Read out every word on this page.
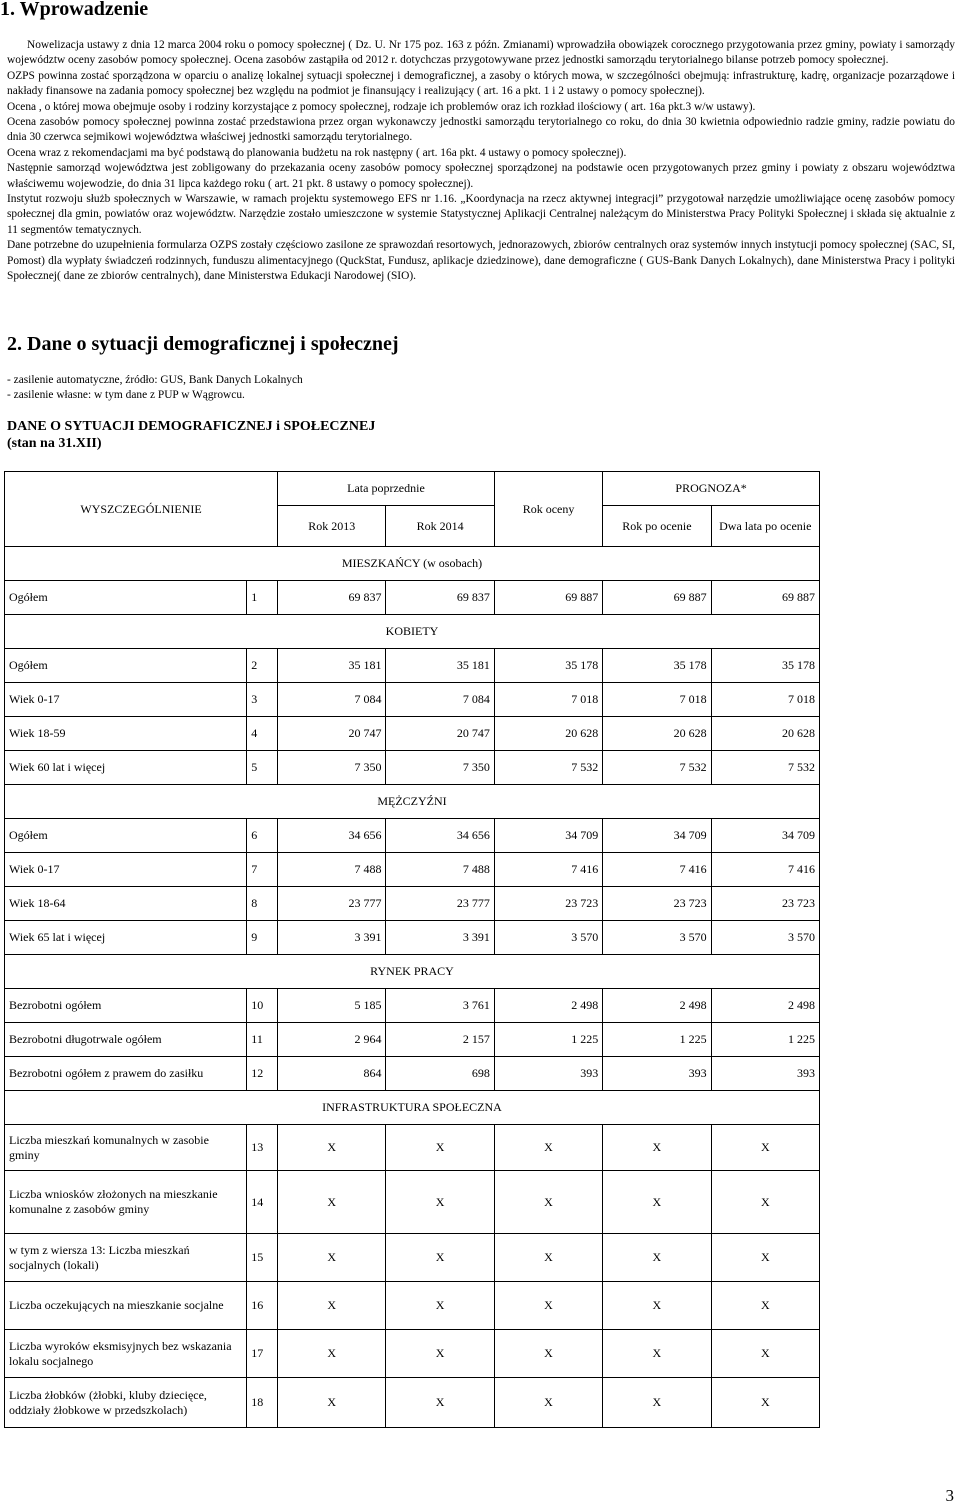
1. Wprowadzenie

Nowelizacja ustawy z dnia 12 marca 2004 roku o pomocy społecznej ( Dz. U. Nr 175 poz. 163 z późn. Zmianami) wprowadziła obowiązek corocznego przygotowania przez gminy, powiaty i samorządy województw oceny zasobów pomocy społecznej. Ocena zasobów zastąpiła od 2012 r. dotychczas przygotowywane przez jednostki samorządu terytorialnego bilanse potrzeb pomocy społecznej.

OZPS powinna zostać sporządzona w oparciu o analizę lokalnej sytuacji społecznej i demograficznej, a zasoby o których mowa, w szczególności obejmują: infrastrukturę, kadrę, organizacje pozarządowe i nakłady finansowe na zadania pomocy społecznej bez względu na podmiot je finansujący i realizujący ( art. 16 a pkt. 1 i 2 ustawy o pomocy społecznej).

Ocena , o której mowa obejmuje osoby i rodziny korzystające z pomocy społecznej, rodzaje ich problemów oraz ich rozkład ilościowy ( art. 16a pkt.3 w/w ustawy).

Ocena zasobów pomocy społecznej powinna zostać przedstawiona przez organ wykonawczy jednostki samorządu terytorialnego co roku, do dnia 30 kwietnia odpowiednio radzie gminy, radzie powiatu do dnia 30 czerwca sejmikowi województwa właściwej jednostki samorządu terytorialnego.

Ocena wraz z rekomendacjami ma być podstawą do planowania budżetu na rok następny ( art. 16a pkt. 4 ustawy o pomocy społecznej).

Następnie samorząd województwa jest zobligowany do przekazania oceny zasobów pomocy społecznej sporządzonej na podstawie ocen przygotowanych przez gminy i powiaty z obszaru województwa właściwemu wojewodzie, do dnia 31 lipca każdego roku ( art. 21 pkt. 8 ustawy o pomocy społecznej).

Instytut rozwoju służb społecznych w Warszawie, w ramach projektu systemowego EFS nr 1.16. „Koordynacja na rzecz aktywnej integracji” przygotował narzędzie umożliwiające ocenę zasobów pomocy społecznej dla gmin, powiatów oraz województw. Narzędzie zostało umieszczone w systemie Statystycznej Aplikacji Centralnej należącym do Ministerstwa Pracy Polityki Społecznej i składa się aktualnie z 11 segmentów tematycznych.

Dane potrzebne do uzupełnienia formularza OZPS zostały częściowo zasilone ze sprawozdań resortowych, jednorazowych, zbiorów centralnych oraz systemów innych instytucji pomocy społecznej (SAC, SI, Pomost) dla wypłaty świadczeń rodzinnych, funduszu alimentacyjnego (QuckStat, Fundusz, aplikacje dziedzinowe), dane demograficzne ( GUS-Bank Danych Lokalnych), dane Ministerstwa Pracy i polityki Społecznej( dane ze zbiorów centralnych), dane Ministerstwa Edukacji Narodowej (SIO).

2. Dane o sytuacji demograficznej i społecznej
- zasilenie automatyczne, źródło: GUS, Bank Danych Lokalnych
- zasilenie własne: w tym dane z PUP w Wągrowcu.
DANE O SYTUACJI DEMOGRAFICZNEJ i SPOŁECZNEJ
(stan na 31.XII)
WYSZCZEGÓLNIENIE		Lata poprzednie		Rok oceny	PROGNOZA*	
		Rok 2013	Rok 2014		Rok po ocenie	Dwa lata po ocenie
MIESZKAŃCY (w osobach)						
Ogółem	1	69 837	69 837	69 887	69 887	69 887
KOBIETY						
Ogółem	2	35 181	35 181	35 178	35 178	35 178
Wiek 0-17	3	7 084	7 084	7 018	7 018	7 018
Wiek 18-59	4	20 747	20 747	20 628	20 628	20 628
Wiek 60 lat i więcej	5	7 350	7 350	7 532	7 532	7 532
MĘŻCZYŹNI						
Ogółem	6	34 656	34 656	34 709	34 709	34 709
Wiek 0-17	7	7 488	7 488	7 416	7 416	7 416
Wiek 18-64	8	23 777	23 777	23 723	23 723	23 723
Wiek 65 lat i więcej	9	3 391	3 391	3 570	3 570	3 570
RYNEK PRACY						
Bezrobotni ogółem	10	5 185	3 761	2 498	2 498	2 498
Bezrobotni długotrwale ogółem	11	2 964	2 157	1 225	1 225	1 225
Bezrobotni ogółem z prawem do zasiłku	12	864	698	393	393	393
INFRASTRUKTURA SPOŁECZNA						
Liczba mieszkań komunalnych w zasobie gminy	13	X	X	X	X	X
Liczba wniosków złożonych na mieszkanie komunalne z zasobów gminy	14	X	X	X	X	X
w tym z wiersza 13: Liczba mieszkań socjalnych (lokali)	15	X	X	X	X	X
Liczba oczekujących na mieszkanie socjalne	16	X	X	X	X	X
Liczba wyroków eksmisyjnych bez wskazania lokalu socjalnego	17	X	X	X	X	X
Liczba żłobków (żłobki, kluby dziecięce, oddziały żłobkowe w przedszkolach)	18	X	X	X	X	X
3
